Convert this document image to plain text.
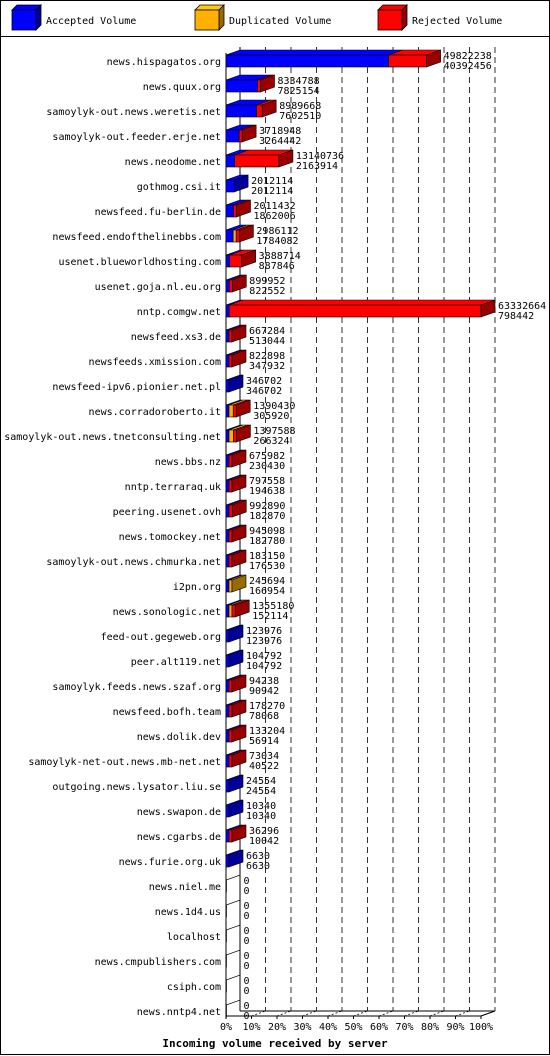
Accepted Volume	Duplicated Volume	Rejected Volume
0% 10% 20% 30% 40% 50% 60% 70% 80% 90% 100%
news.hispagatos.org
49822238
40392456
news.quux.org
8334788
7825154
samoylyk-out.news.weretis.net
8989668
7602510
samoylyk-out.feeder.erje.net
3718948
3264442
news.neodome.net
13140736
2163914
gothmog.csi.it
2012114
2012114
newsfeed.fu-berlin.de
2011432
1862006
newsfeed.endofthelinebbs.com
2986112
1784082
usenet.blueworldhosting.com
3888714
887846
usenet.goja.nl.eu.org
899952
822552
nntp.comgw.net
63332664
798442
newsfeed.xs3.de
667284
513044
newsfeeds.xmission.com
822898
347932
newsfeed-ipv6.pionier.net.pl
346702
346702
news.corradoroberto.it
1390430
305920
samoylyk-out.news.tnetconsulting.net
1397588
266324
news.bbs.nz
675982
230430
nntp.terraraq.uk
797558
194638
peering.usenet.ovh
992890
182870
news.tomockey.net
945098
182780
samoylyk-out.news.chmurka.net
183150
176530
i2pn.org
245694
166954
news.sonologic.net
1355180
152114
feed-out.gegeweb.org
123976
123976
peer.alt119.net
104792
104792
samoylyk.feeds.news.szaf.org
94238
90942
newsfeed.bofh.team
178270
78068
news.dolik.dev
133204
56914
samoylyk-net-out.news.mb-net.net
73034
40522
outgoing.news.lysator.liu.se
24554
24554
news.swapon.de
10340
10340
news.cgarbs.de
36296
10042
news.furie.org.uk
6630
6630
news.niel.me
0
0
news.1d4.us
0
0
localhost
0
0
news.cmpublishers.com
0
0
csiph.com
0
0
news.nntp4.net
0
0
Incoming volume received by server
